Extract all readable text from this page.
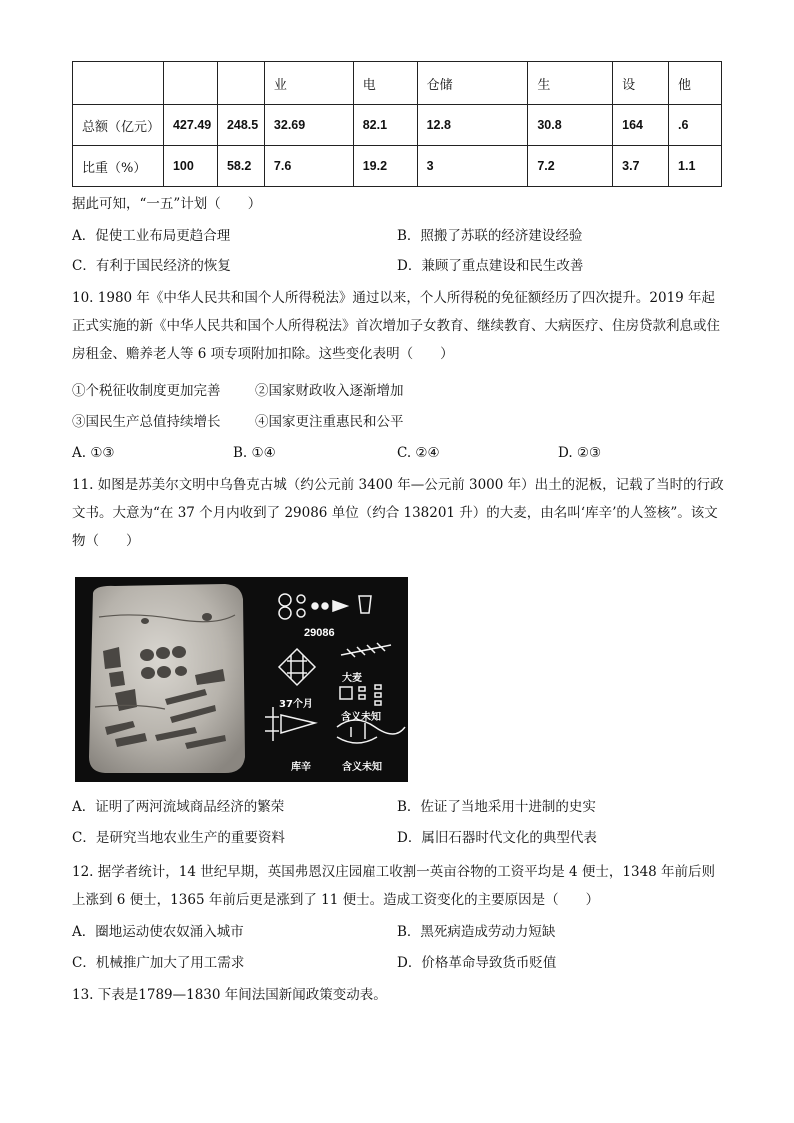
			业	电	仓储	生	设	他
总额（亿元）	427.49	248.5	32.69	82.1	12.8	30.8	164	.6
比重（%）	100	58.2	7.6	19.2	3	7.2	3.7	1.1
据此可知，“一五”计划（　　）
A．促使工业布局更趋合理	B．照搬了苏联的经济建设经验
C．有利于国民经济的恢复	D．兼顾了重点建设和民生改善
10. 1980 年《中华人民共和国个人所得税法》通过以来，个人所得税的免征额经历了四次提升。2019 年起正式实施的新《中华人民共和国个人所得税法》首次增加子女教育、继续教育、大病医疗、住房贷款利息或住房租金、赡养老人等 6 项专项附加扣除。这些变化表明（　　）
①个税征收制度更加完善	②国家财政收入逐渐增加
③国民生产总值持续增长	④国家更注重惠民和公平
A. ①③	B. ①④	C. ②④	D. ②③
11. 如图是苏美尔文明中乌鲁克古城（约公元前 3400 年—公元前 3000 年）出土的泥板，记载了当时的行政文书。大意为“在 37 个月内收到了 29086 单位（约合 138201 升）的大麦，由名叫‘库辛’的人签核”。该文物（　　）
29086
大麦
37个月
含义未知
库辛	含义未知
A．证明了两河流域商品经济的繁荣	B．佐证了当地采用十进制的史实
C．是研究当地农业生产的重要资料	D．属旧石器时代文化的典型代表
12. 据学者统计，14 世纪早期，英国弗恩汉庄园雇工收割一英亩谷物的工资平均是 4 便士，1348 年前后则上涨到 6 便士，1365 年前后更是涨到了 11 便士。造成工资变化的主要原因是（　　）
A．圈地运动使农奴涌入城市	B．黑死病造成劳动力短缺
C．机械推广加大了用工需求	D．价格革命导致货币贬值
13. 下表是1789—1830 年间法国新闻政策变动表。
